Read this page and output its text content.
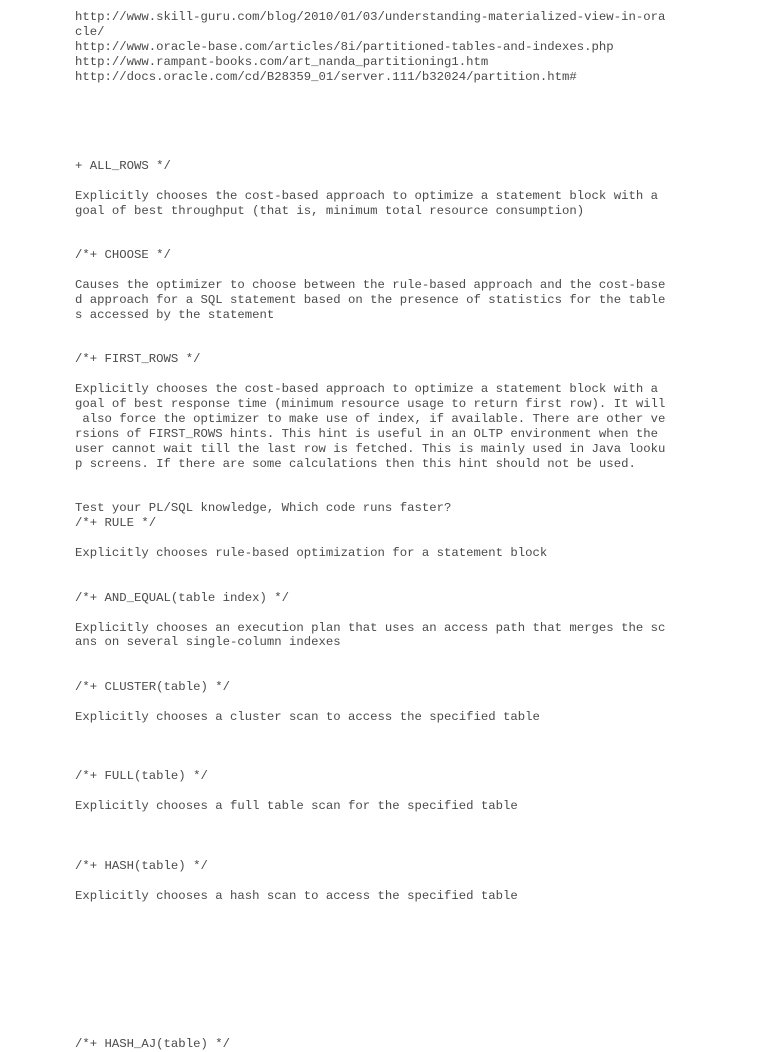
http://www.skill-guru.com/blog/2010/01/03/understanding-materialized-view-in-ora
cle/
http://www.oracle-base.com/articles/8i/partitioned-tables-and-indexes.php
http://www.rampant-books.com/art_nanda_partitioning1.htm
http://docs.oracle.com/cd/B28359_01/server.111/b32024/partition.htm#
+ ALL_ROWS */
Explicitly chooses the cost-based approach to optimize a statement block with a
goal of best throughput (that is, minimum total resource consumption)
/*+ CHOOSE */
Causes the optimizer to choose between the rule-based approach and the cost-base
d approach for a SQL statement based on the presence of statistics for the table
s accessed by the statement
/*+ FIRST_ROWS */
Explicitly chooses the cost-based approach to optimize a statement block with a
goal of best response time (minimum resource usage to return first row). It will
also force the optimizer to make use of index, if available. There are other ve
rsions of FIRST_ROWS hints. This hint is useful in an OLTP environment when the
user cannot wait till the last row is fetched. This is mainly used in Java looku
p screens. If there are some calculations then this hint should not be used.
Test your PL/SQL knowledge, Which code runs faster?
/*+ RULE */
Explicitly chooses rule-based optimization for a statement block
/*+ AND_EQUAL(table index) */
Explicitly chooses an execution plan that uses an access path that merges the sc
ans on several single-column indexes
/*+ CLUSTER(table) */
Explicitly chooses a cluster scan to access the specified table
/*+ FULL(table) */
Explicitly chooses a full table scan for the specified table
/*+ HASH(table) */
Explicitly chooses a hash scan to access the specified table
/*+ HASH_AJ(table) */
